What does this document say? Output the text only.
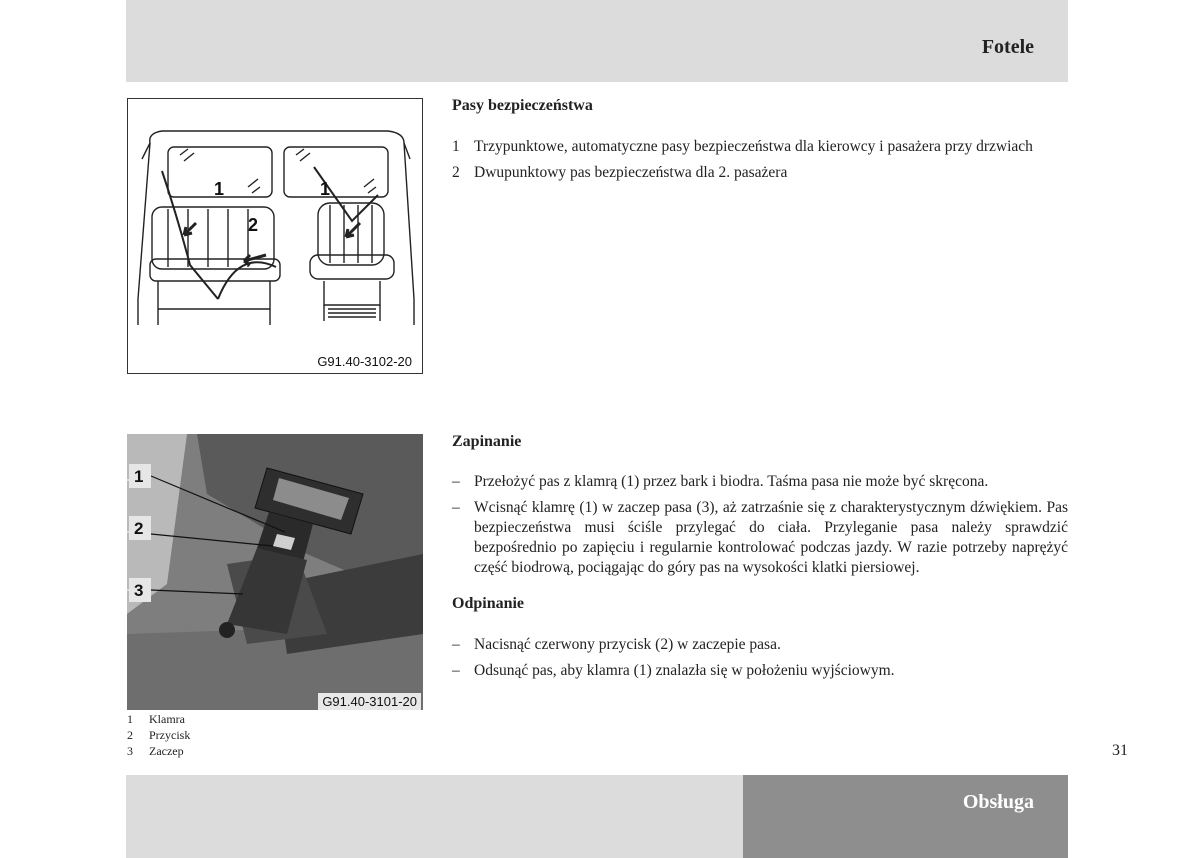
Fotele
1
2
1
G91.40-3102-20
1
2
3
G91.40-3101-20
1	Klamra
2	Przycisk
3	Zaczep
Pasy bezpieczeństwa
1 Trzypunktowe, automatyczne pasy bezpieczeństwa dla kierowcy i pasażera przy drzwiach
2 Dwupunktowy pas bezpieczeństwa dla 2. pasażera
Zapinanie
– Przełożyć pas z klamrą (1) przez bark i biodra. Taśma pasa nie może być skręcona.
– Wcisnąć klamrę (1) w zaczep pasa (3), aż zatrzaśnie się z charakterystycznym dźwiękiem. Pas bezpieczeństwa musi ściśle przylegać do ciała. Przyleganie pasa należy sprawdzić bezpośrednio po zapięciu i regularnie kontrolować podczas jazdy. W razie potrzeby naprężyć część biodrową, pociągając do góry pas na wysokości klatki piersiowej.
Odpinanie
– Nacisnąć czerwony przycisk (2) w zaczepie pasa.
– Odsunąć pas, aby klamra (1) znalazła się w położeniu wyjściowym.
31
Obsługa
